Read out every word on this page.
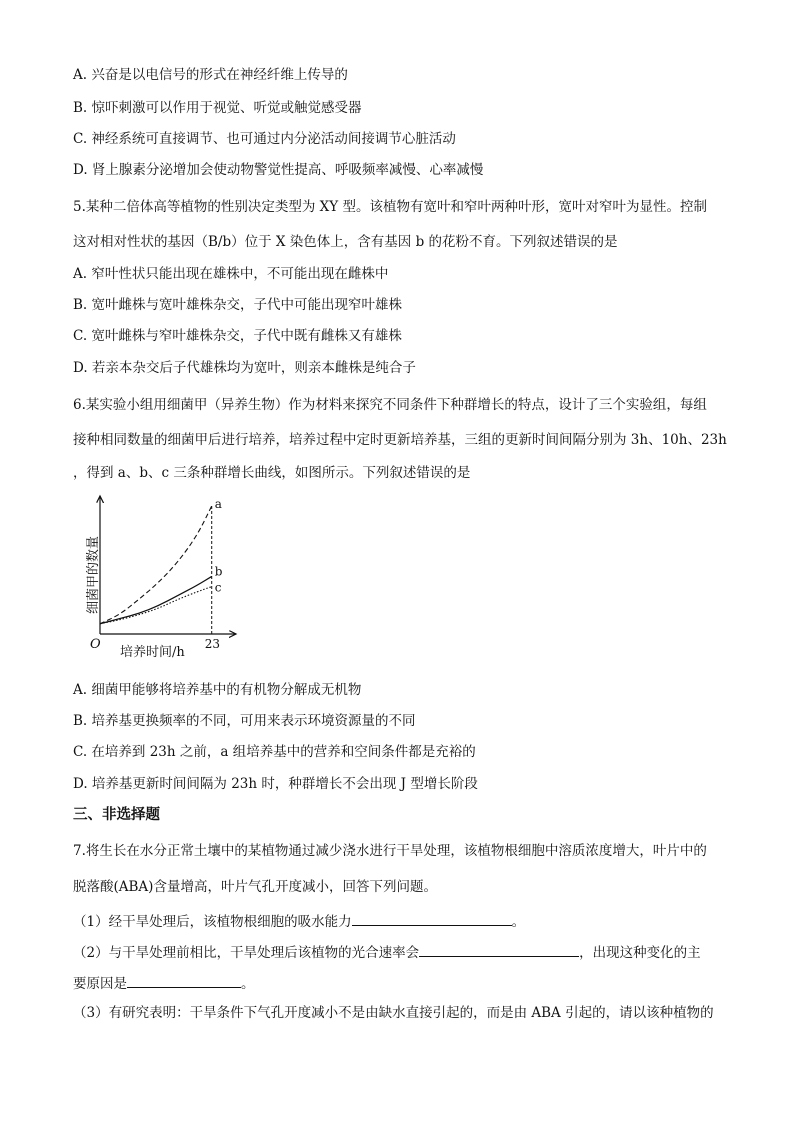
A. 兴奋是以电信号的形式在神经纤维上传导的
B. 惊吓刺激可以作用于视觉、听觉或触觉感受器
C. 神经系统可直接调节、也可通过内分泌活动间接调节心脏活动
D. 肾上腺素分泌增加会使动物警觉性提高、呼吸频率减慢、心率减慢
5.某种二倍体高等植物的性别决定类型为 XY 型。该植物有宽叶和窄叶两种叶形，宽叶对窄叶为显性。控制
这对相对性状的基因（B/b）位于 X 染色体上，含有基因 b 的花粉不育。下列叙述错误的是
A. 窄叶性状只能出现在雄株中，不可能出现在雌株中
B. 宽叶雌株与宽叶雄株杂交，子代中可能出现窄叶雄株
C. 宽叶雌株与窄叶雄株杂交，子代中既有雌株又有雄株
D. 若亲本杂交后子代雄株均为宽叶，则亲本雌株是纯合子
6.某实验小组用细菌甲（异养生物）作为材料来探究不同条件下种群增长的特点，设计了三个实验组，每组
接种相同数量的细菌甲后进行培养，培养过程中定时更新培养基，三组的更新时间间隔分别为 3h、10h、23h
，得到 a、b、c 三条种群增长曲线，如图所示。下列叙述错误的是
a
b
c
O	23
培养时间/h
细菌甲的数量
A. 细菌甲能够将培养基中的有机物分解成无机物
B. 培养基更换频率的不同，可用来表示环境资源量的不同
C. 在培养到 23h 之前，a 组培养基中的营养和空间条件都是充裕的
D. 培养基更新时间间隔为 23h 时，种群增长不会出现 J 型增长阶段
三、非选择题
7.将生长在水分正常土壤中的某植物通过减少浇水进行干旱处理，该植物根细胞中溶质浓度增大，叶片中的
脱落酸(ABA)含量增高，叶片气孔开度减小，回答下列问题。
（1）经干旱处理后，该植物根细胞的吸水能力	。
（2）与干旱处理前相比，干旱处理后该植物的光合速率会	，出现这种变化的主
要原因是	。
（3）有研究表明：干旱条件下气孔开度减小不是由缺水直接引起的，而是由 ABA 引起的，请以该种植物的
